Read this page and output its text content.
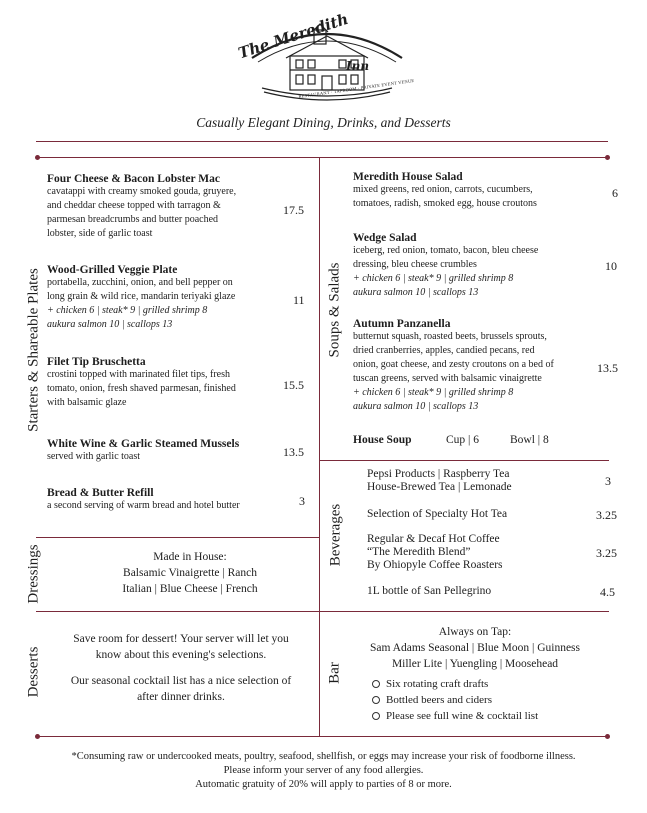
The Meredith
Inn
RESTAURANT · TAPROOM · PRIVATE EVENT VENUE
Casually Elegant Dining, Drinks, and Desserts
Starters & Shareable Plates	Soups & Salads
Dressings
Beverages
Desserts	Bar
Four Cheese & Bacon Lobster Mac
cavatappi with creamy smoked gouda, gruyere,
and cheddar cheese topped with tarragon &
parmesan breadcrumbs and butter poached
lobster, side of garlic toast
17.5
Wood-Grilled Veggie Plate
portabella, zucchini, onion, and bell pepper on
long grain & wild rice, mandarin teriyaki glaze
+ chicken 6 | steak* 9 | grilled shrimp 8
aukura salmon 10 | scallops 13
11
Filet Tip Bruschetta
crostini topped with marinated filet tips, fresh
tomato, onion, fresh shaved parmesan, finished
with balsamic glaze
15.5
White Wine & Garlic Steamed Mussels
served with garlic toast	13.5
Bread & Butter Refill
a second serving of warm bread and hotel butter	3
Made in House:
Balsamic Vinaigrette | Ranch
Italian | Blue Cheese | French
Save room for dessert! Your server will let you
know about this evening's selections.
Our seasonal cocktail list has a nice selection of
after dinner drinks.
Meredith House Salad
mixed greens, red onion, carrots, cucumbers,
tomatoes, radish, smoked egg, house croutons
6
Wedge Salad
iceberg, red onion, tomato, bacon, bleu cheese
dressing, bleu cheese crumbles
+ chicken 6 | steak* 9 | grilled shrimp 8
aukura salmon 10 | scallops 13
10
Autumn Panzanella
butternut squash, roasted beets, brussels sprouts,
dried cranberries, apples, candied pecans, red
onion, goat cheese, and zesty croutons on a bed of
tuscan greens, served with balsamic vinaigrette
+ chicken 6 | steak* 9 | grilled shrimp 8
aukura salmon 10 | scallops 13
13.5
House Soup	Cup | 6	Bowl | 8
Pepsi Products | Raspberry Tea
House-Brewed Tea | Lemonade	3
Selection of Specialty Hot Tea	3.25
Regular & Decaf Hot Coffee
“The Meredith Blend”
By Ohiopyle Coffee Roasters
3.25
1L bottle of San Pellegrino	4.5
Always on Tap:
Sam Adams Seasonal | Blue Moon | Guinness
Miller Lite | Yuengling | Moosehead
Six rotating craft drafts
Bottled beers and ciders
Please see full wine & cocktail list
*Consuming raw or undercooked meats, poultry, seafood, shellfish, or eggs may increase your risk of foodborne illness.
Please inform your server of any food allergies.
Automatic gratuity of 20% will apply to parties of 8 or more.
